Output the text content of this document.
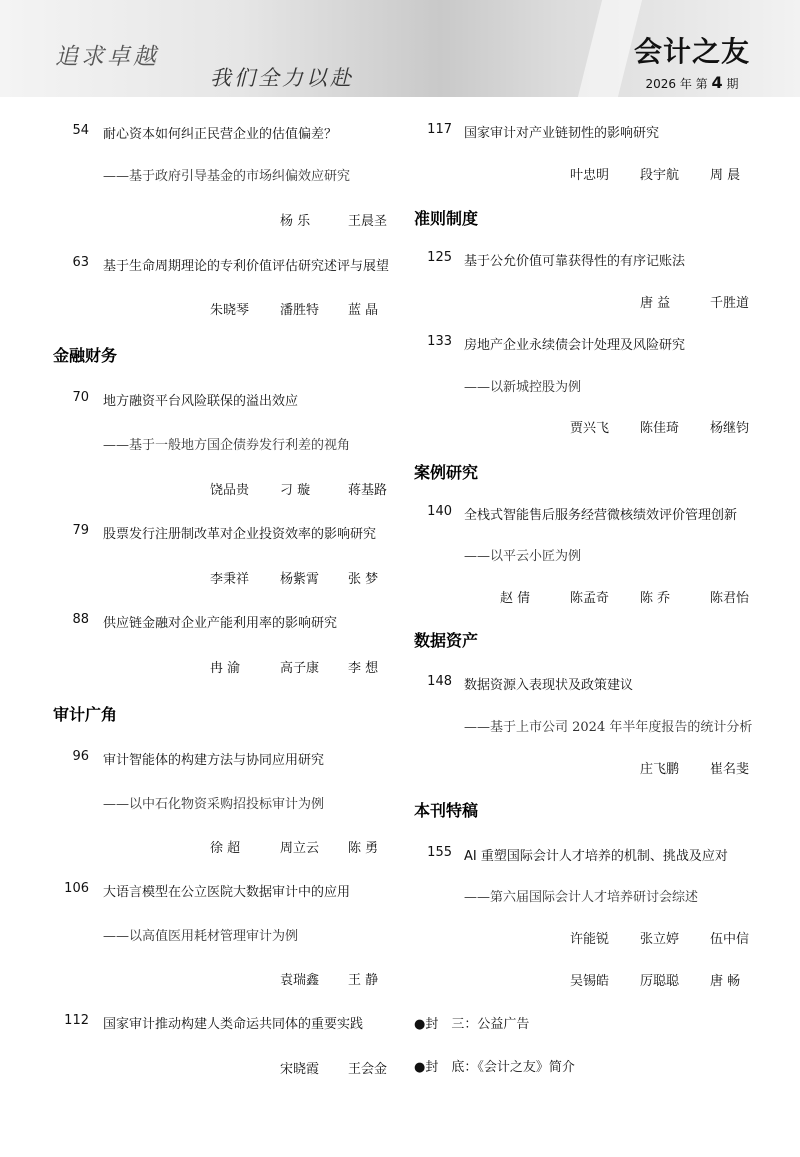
追求卓越
我们全力以赴
会计之友
2026 年 第 4 期
54 耐心资本如何纠正民营企业的估值偏差？
——基于政府引导基金的市场纠偏效应研究
杨 乐	王晨圣
63 基于生命周期理论的专利价值评估研究述评与展望
朱晓琴 潘胜特 蓝 晶
金融财务
70 地方融资平台风险联保的溢出效应
——基于一般地方国企债券发行利差的视角
饶品贵 刁 璇	蒋基路
79 股票发行注册制改革对企业投资效率的影响研究
李秉祥 杨紫霄 张 梦
88 供应链金融对企业产能利用率的影响研究
冉 渝	高子康 李 想
审计广角
96 审计智能体的构建方法与协同应用研究
——以中石化物资采购招投标审计为例
徐 超	周立云 陈 勇
106 大语言模型在公立医院大数据审计中的应用
——以高值医用耗材管理审计为例
袁瑞鑫 王 静
112 国家审计推动构建人类命运共同体的重要实践
宋晓霞 王会金
117 国家审计对产业链韧性的影响研究
叶忠明 段宇航 周 晨
准则制度
125 基于公允价值可靠获得性的有序记账法
唐 益	千胜道
133 房地产企业永续债会计处理及风险研究
——以新城控股为例
贾兴飞 陈佳琦 杨继钧
案例研究
140 全栈式智能售后服务经营微核绩效评价管理创新
——以平云小匠为例
赵 倩	陈孟奇 陈 乔	陈君怡
数据资产
148 数据资源入表现状及政策建议
——基于上市公司 2024 年半年度报告的统计分析
庄飞鹏 崔名斐
本刊特稿
155 AI 重塑国际会计人才培养的机制、挑战及应对
——第六届国际会计人才培养研讨会综述
许能锐 张立婷 伍中信
吴锡皓 厉聪聪 唐 畅
●封　三：公益广告
●封　底：《会计之友》简介
